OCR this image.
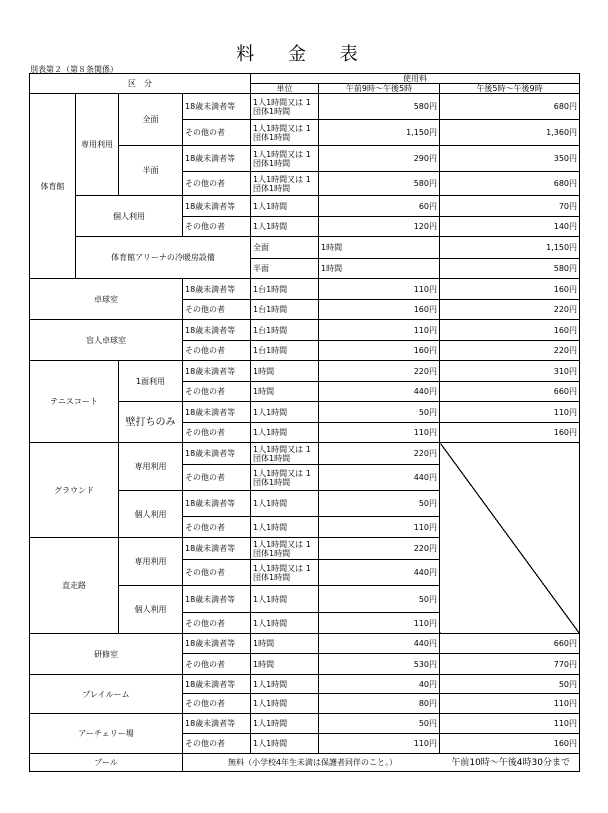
料 金 表
別表第２（第８条関係）
区　分				使用料			
				単位	午前9時～午後5時	午後5時～午後9時	
体育館	専用利用	全面	18歳未満者等	1人1時間又は 1団体1時間	580円	680円	
			その他の者	1人1時間又は 1団体1時間	1,150円	1,360円	
		半面	18歳未満者等	1人1時間又は 1団体1時間	290円	350円	
			その他の者	1人1時間又は 1団体1時間	580円	680円	
	個人利用		18歳未満者等	1人1時間	60円	70円	
			その他の者	1人1時間	120円	140円	
	体育館アリーナの冷暖房設備			全面	1時間	1,150円	
				半面	1時間	580円	
卓球室			18歳未満者等	1台1時間	110円	160円	
			その他の者	1台1時間	160円	220円	
盲人卓球室			18歳未満者等	1台1時間	110円	160円	
			その他の者	1台1時間	160円	220円	
テニスコート		1面利用	18歳未満者等	1時間	220円	310円	
			その他の者	1時間	440円	660円	
		壁打ちのみ	18歳未満者等	1人1時間	50円	110円	
			その他の者	1人1時間	110円	160円	
グラウンド		専用利用	18歳未満者等	1人1時間又は 1団体1時間	220円		
			その他の者	1人1時間又は 1団体1時間	440円		
		個人利用	18歳未満者等	1人1時間	50円		
			その他の者	1人1時間	110円		
直走路		専用利用	18歳未満者等	1人1時間又は 1団体1時間	220円		
			その他の者	1人1時間又は 1団体1時間	440円		
		個人利用	18歳未満者等	1人1時間	50円		
			その他の者	1人1時間	110円		
研修室			18歳未満者等	1時間	440円	660円	
			その他の者	1時間	530円	770円	
プレイルーム			18歳未満者等	1人1時間	40円	50円	
			その他の者	1人1時間	80円	110円	
アーチェリー場			18歳未満者等	1人1時間	50円	110円	
			その他の者	1人1時間	110円	160円	
プール			無料（小学校4年生未満は保護者同伴のこと。） 午前10時～午後4時30分まで				
